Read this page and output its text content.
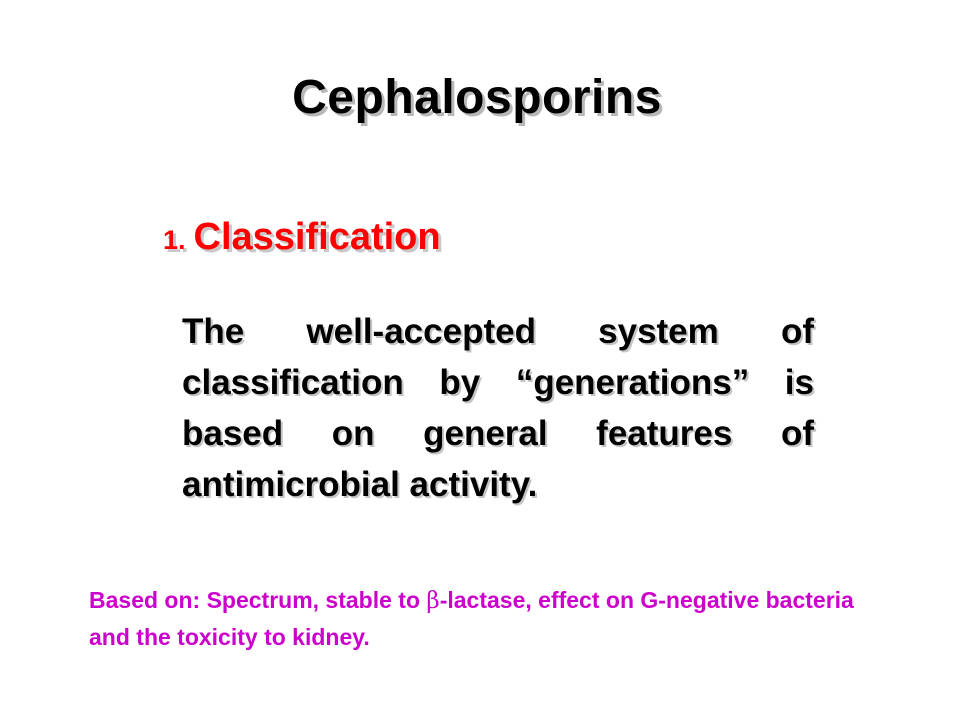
Cephalosporins
1. Classification

The well-accepted system of classification by “generations” is based on general features of antimicrobial activity.

Based on: Spectrum, stable to β-lactase, effect on G-negative bacteria and the toxicity to kidney.
